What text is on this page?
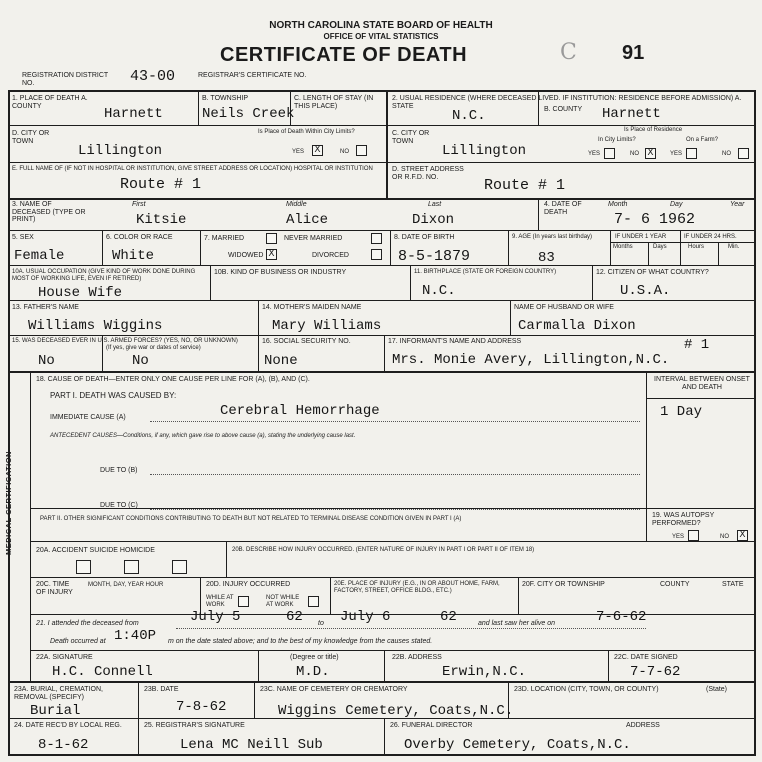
NORTH CAROLINA STATE BOARD OF HEALTH
OFFICE OF VITAL STATISTICS
CERTIFICATE OF DEATH	C 91
REGISTRATION DISTRICT NO.	43-00	REGISTRAR'S CERTIFICATE NO.
1. PLACE OF DEATH A. COUNTY	Harnett
B. TOWNSHIP
Neils Creek
C. LENGTH OF STAY (IN THIS PLACE)
2. USUAL RESIDENCE (WHERE DECEASED LIVED. IF INSTITUTION: RESIDENCE BEFORE ADMISSION) A. STATE
N.C.	B. COUNTY Harnett
D. CITY OR TOWN
Lillington
Is Place of Death Within City Limits?
YES X	NO
C. CITY OR TOWN
Lillington
Is Place of Residence
In City Limits?	On a Farm?
YES	NO X	YES	NO
E. FULL NAME OF (IF NOT IN HOSPITAL OR INSTITUTION, GIVE STREET ADDRESS OR LOCATION) HOSPITAL OR INSTITUTION
Route # 1
D. STREET ADDRESS OR R.F.D. NO.	Route # 1
3. NAME OF DECEASED (TYPE OR PRINT)
First	Middle	Last
Kitsie	Alice	Dixon
4. DATE OF DEATH
Month	Day	Year
7- 6 1962
5. SEX
Female
6. COLOR OR RACE
White
7. MARRIED	NEVER MARRIED
WIDOWED X	DIVORCED
8. DATE OF BIRTH
8-5-1879
9. AGE (In years last birthday)
83
IF UNDER 1 YEAR	IF UNDER 24 HRS.
Months	Days	Hours	Min.
10A. USUAL OCCUPATION (GIVE KIND OF WORK DONE DURING MOST OF WORKING LIFE, EVEN IF RETIRED)
House Wife
10B. KIND OF BUSINESS OR INDUSTRY	11. BIRTHPLACE (STATE OR FOREIGN COUNTRY)
N.C.
12. CITIZEN OF WHAT COUNTRY?
U.S.A.
13. FATHER'S NAME
Williams Wiggins
14. MOTHER'S MAIDEN NAME
Mary Williams
NAME OF HUSBAND OR WIFE
Carmalla Dixon
15. WAS DECEASED EVER IN U.S. ARMED FORCES? (YES, NO, OR UNKNOWN)
No
(If yes, give war or dates of service)
No
16. SOCIAL SECURITY NO.
None
17. INFORMANT'S NAME AND ADDRESS	# 1
Mrs. Monie Avery, Lillington,N.C.
MEDICAL CERTIFICATION
18. CAUSE OF DEATH—ENTER ONLY ONE CAUSE PER LINE FOR (A), (B), AND (C).	INTERVAL BETWEEN ONSET AND DEATH
PART I. DEATH WAS CAUSED BY:
IMMEDIATE CAUSE (A)	Cerebral Hemorrhage	1 Day
ANTECEDENT CAUSES—Conditions, if any, which gave rise to above cause (a), stating the underlying cause last.
DUE TO (B)
DUE TO (C)
PART II. OTHER SIGNIFICANT CONDITIONS CONTRIBUTING TO DEATH BUT NOT RELATED TO TERMINAL DISEASE CONDITION GIVEN IN PART I (A)	19. WAS AUTOPSY PERFORMED?
YES	NO X
20A. ACCIDENT SUICIDE HOMICIDE	20B. DESCRIBE HOW INJURY OCCURRED. (ENTER NATURE OF INJURY IN PART I OR PART II OF ITEM 18)
20C. TIME OF INJURY
MONTH, DAY, YEAR HOUR	20D. INJURY OCCURRED
WHILE AT WORK
NOT WHILE AT WORK
20E. PLACE OF INJURY (E.G., IN OR ABOUT HOME, FARM, FACTORY, STREET, OFFICE BLDG., ETC.)
20F. CITY OR TOWNSHIP	COUNTY	STATE
21. I attended the deceased from	July 5	62 to July 6	62	and last saw her alive on	7-6-62
Death occurred at 1:40P m on the date stated above; and to the best of my knowledge from the causes stated.
22A. SIGNATURE
H.C. Connell
(Degree or title)
M.D.
22B. ADDRESS
Erwin,N.C.
22C. DATE SIGNED
7-7-62
23A. BURIAL, CREMATION, REMOVAL (SPECIFY)
Burial
23B. DATE
7-8-62
23C. NAME OF CEMETERY OR CREMATORY
Wiggins Cemetery, Coats,N.C.
23D. LOCATION (CITY, TOWN, OR COUNTY)	(State)
24. DATE REC'D BY LOCAL REG.
8-1-62
25. REGISTRAR'S SIGNATURE
Lena MC Neill Sub
26. FUNERAL DIRECTOR	ADDRESS
Overby Cemetery, Coats,N.C.
